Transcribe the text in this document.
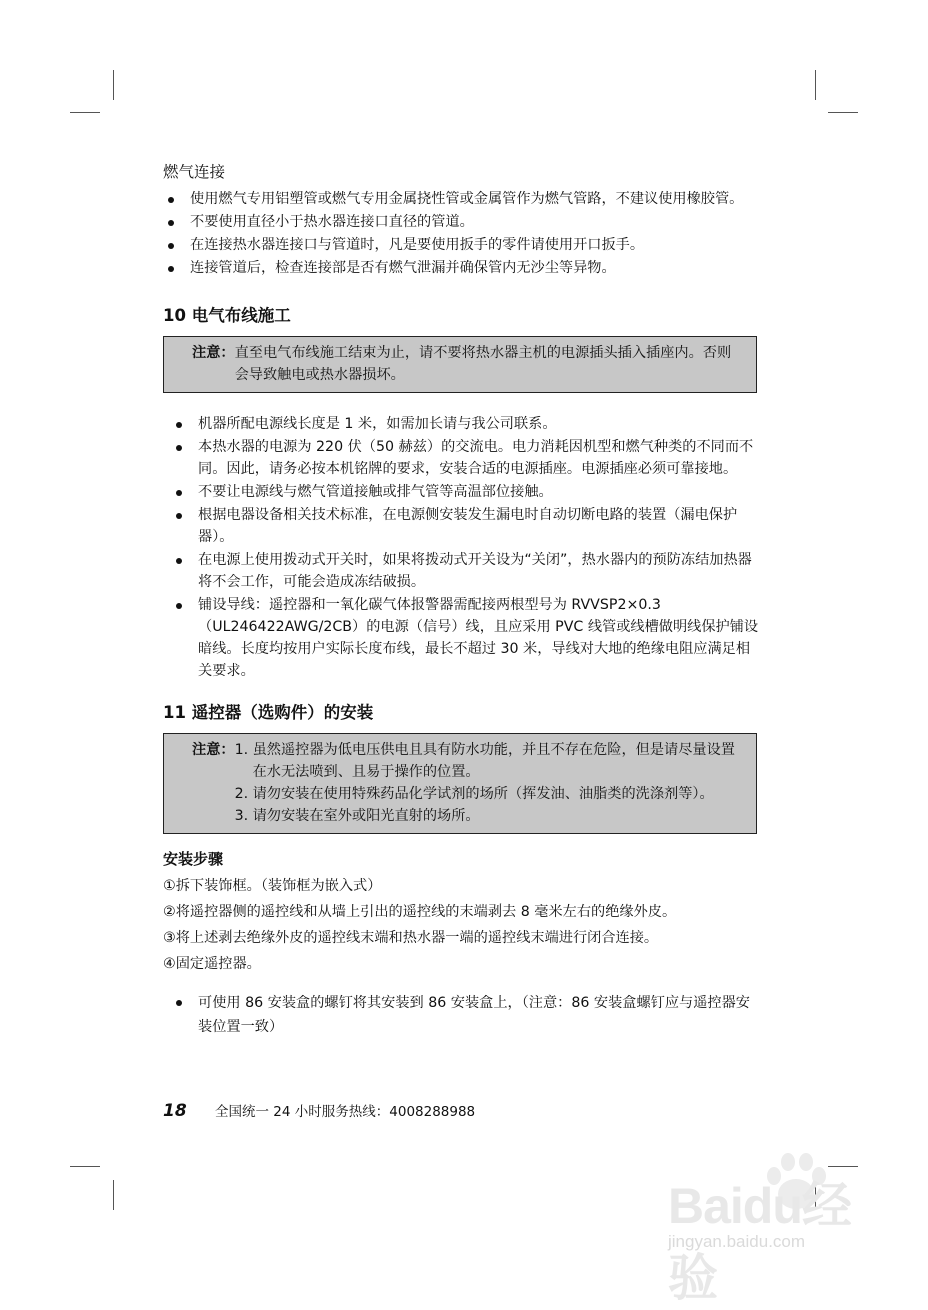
燃气连接
使用燃气专用铝塑管或燃气专用金属挠性管或金属管作为燃气管路，不建议使用橡胶管。
不要使用直径小于热水器连接口直径的管道。
在连接热水器连接口与管道时，凡是要使用扳手的零件请使用开口扳手。
连接管道后，检查连接部是否有燃气泄漏并确保管内无沙尘等异物。
10 电气布线施工
注意： 直至电气布线施工结束为止，请不要将热水器主机的电源插头插入插座内。否则会导致触电或热水器损坏。
机器所配电源线长度是 1 米，如需加长请与我公司联系。
本热水器的电源为 220 伏（50 赫兹）的交流电。电力消耗因机型和燃气种类的不同而不同。因此，请务必按本机铭牌的要求，安装合适的电源插座。电源插座必须可靠接地。
不要让电源线与燃气管道接触或排气管等高温部位接触。
根据电器设备相关技术标准，在电源侧安装发生漏电时自动切断电路的装置（漏电保护器）。
在电源上使用拨动式开关时，如果将拨动式开关设为“关闭”，热水器内的预防冻结加热器将不会工作，可能会造成冻结破损。
铺设导线：遥控器和一氧化碳气体报警器需配接两根型号为 RVVSP2×0.3（UL246422AWG/2CB）的电源（信号）线，且应采用 PVC 线管或线槽做明线保护铺设暗线。长度均按用户实际长度布线，最长不超过 30 米，导线对大地的绝缘电阻应满足相关要求。
11 遥控器（选购件）的安装
注意： 1. 虽然遥控器为低电压供电且具有防水功能，并且不存在危险，但是请尽量设置在水无法喷到、且易于操作的位置。
2. 请勿安装在使用特殊药品化学试剂的场所（挥发油、油脂类的洗涤剂等）。
3. 请勿安装在室外或阳光直射的场所。
安装步骤
①拆下装饰框。（装饰框为嵌入式）
②将遥控器侧的遥控线和从墙上引出的遥控线的末端剥去 8 毫米左右的绝缘外皮。
③将上述剥去绝缘外皮的遥控线末端和热水器一端的遥控线末端进行闭合连接。
④固定遥控器。
可使用 86 安装盒的螺钉将其安装到 86 安装盒上，（注意：86 安装盒螺钉应与遥控器安装位置一致）
18	全国统一 24 小时服务热线：4008288988
Baidu经验
jingyan.baidu.com
